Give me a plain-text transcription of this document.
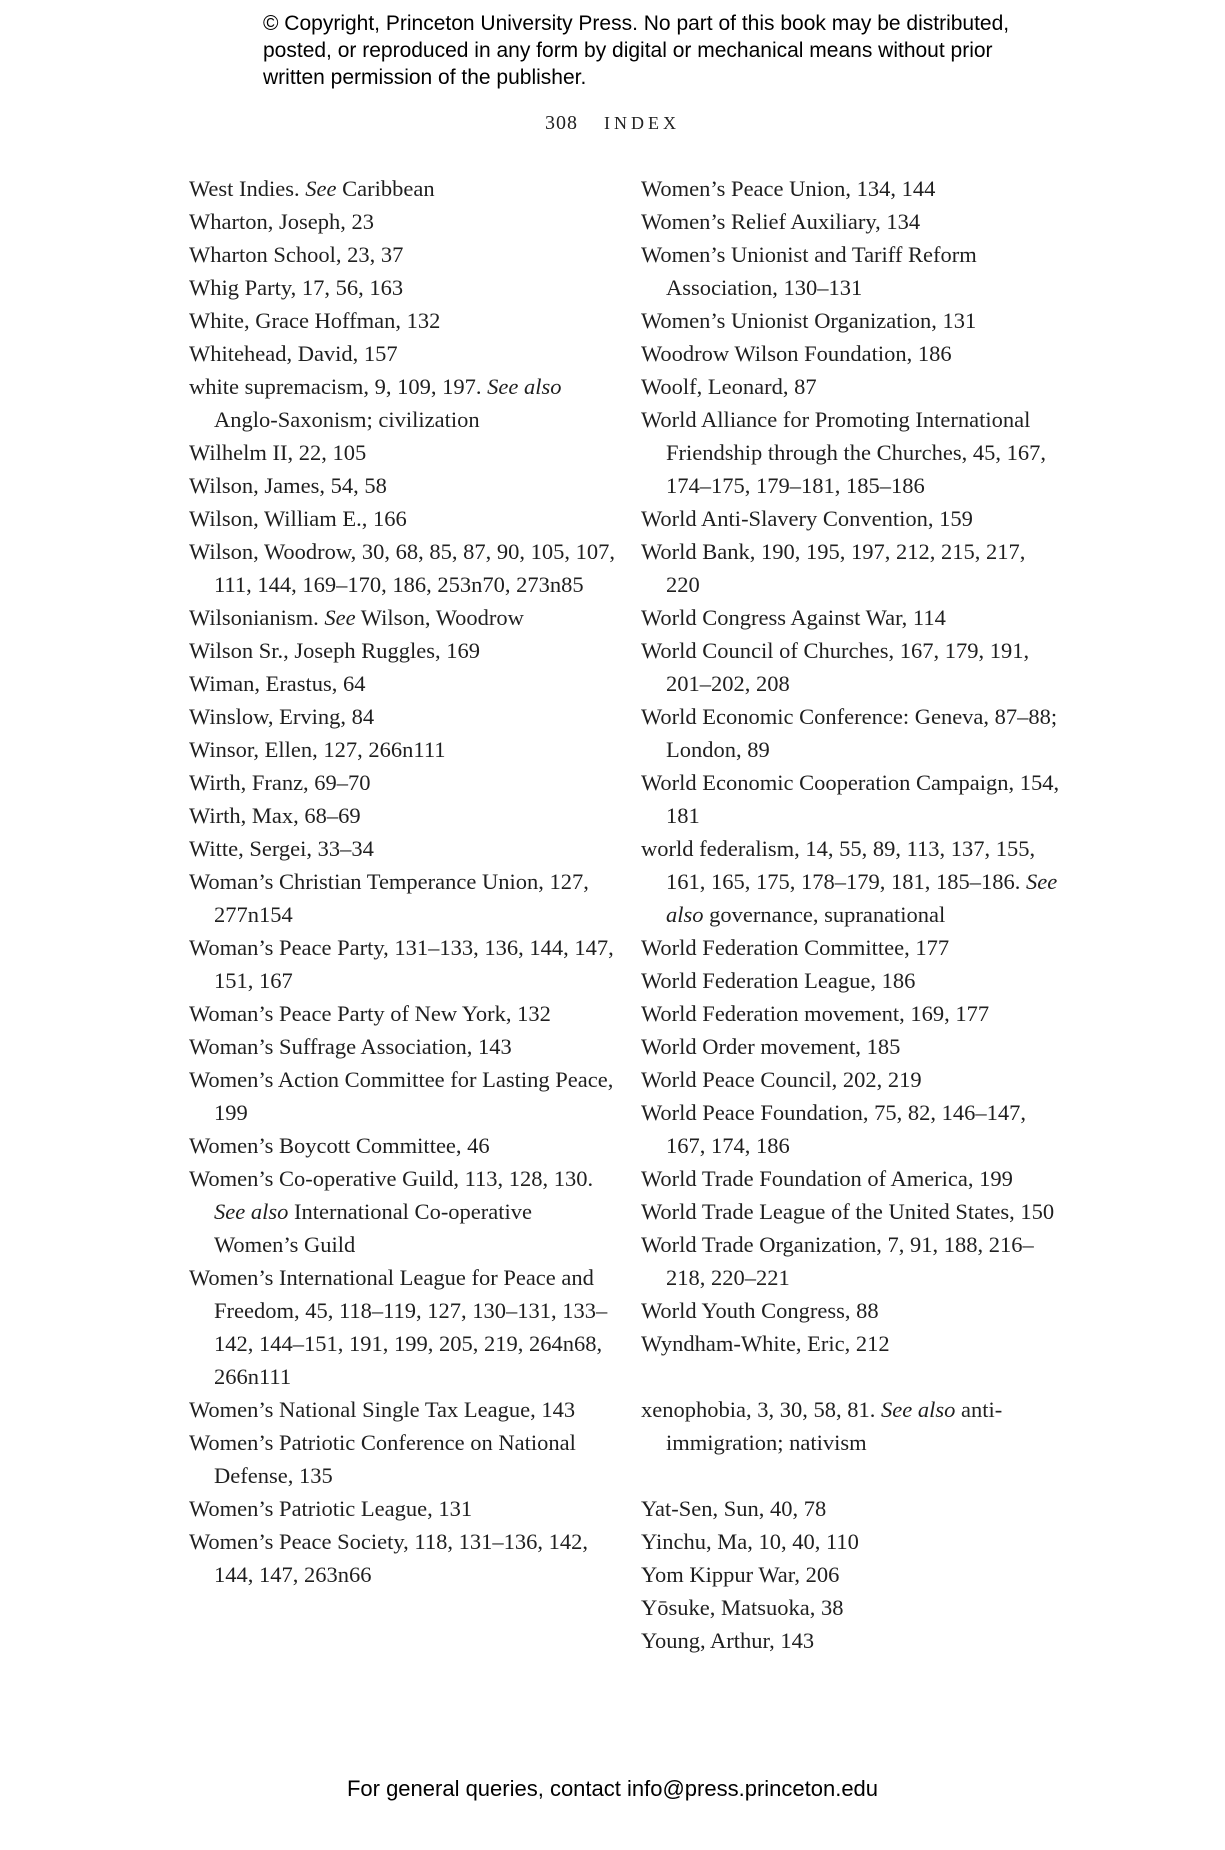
© Copyright, Princeton University Press. No part of this book may be distributed, posted, or reproduced in any form by digital or mechanical means without prior written permission of the publisher.
308 INDEX
West Indies. See Caribbean
Wharton, Joseph, 23
Wharton School, 23, 37
Whig Party, 17, 56, 163
White, Grace Hoffman, 132
Whitehead, David, 157
white supremacism, 9, 109, 197. See also Anglo-Saxonism; civilization
Wilhelm II, 22, 105
Wilson, James, 54, 58
Wilson, William E., 166
Wilson, Woodrow, 30, 68, 85, 87, 90, 105, 107, 111, 144, 169–170, 186, 253n70, 273n85
Wilsonianism. See Wilson, Woodrow
Wilson Sr., Joseph Ruggles, 169
Wiman, Erastus, 64
Winslow, Erving, 84
Winsor, Ellen, 127, 266n111
Wirth, Franz, 69–70
Wirth, Max, 68–69
Witte, Sergei, 33–34
Woman’s Christian Temperance Union, 127, 277n154
Woman’s Peace Party, 131–133, 136, 144, 147, 151, 167
Woman’s Peace Party of New York, 132
Woman’s Suffrage Association, 143
Women’s Action Committee for Lasting Peace, 199
Women’s Boycott Committee, 46
Women’s Co-operative Guild, 113, 128, 130. See also International Co-operative Women’s Guild
Women’s International League for Peace and Freedom, 45, 118–119, 127, 130–131, 133–142, 144–151, 191, 199, 205, 219, 264n68, 266n111
Women’s National Single Tax League, 143
Women’s Patriotic Conference on National Defense, 135
Women’s Patriotic League, 131
Women’s Peace Society, 118, 131–136, 142, 144, 147, 263n66
Women’s Peace Union, 134, 144
Women’s Relief Auxiliary, 134
Women’s Unionist and Tariff Reform Association, 130–131
Women’s Unionist Organization, 131
Woodrow Wilson Foundation, 186
Woolf, Leonard, 87
World Alliance for Promoting International Friendship through the Churches, 45, 167, 174–175, 179–181, 185–186
World Anti-Slavery Convention, 159
World Bank, 190, 195, 197, 212, 215, 217, 220
World Congress Against War, 114
World Council of Churches, 167, 179, 191, 201–202, 208
World Economic Conference: Geneva, 87–88; London, 89
World Economic Cooperation Campaign, 154, 181
world federalism, 14, 55, 89, 113, 137, 155, 161, 165, 175, 178–179, 181, 185–186. See also governance, supranational
World Federation Committee, 177
World Federation League, 186
World Federation movement, 169, 177
World Order movement, 185
World Peace Council, 202, 219
World Peace Foundation, 75, 82, 146–147, 167, 174, 186
World Trade Foundation of America, 199
World Trade League of the United States, 150
World Trade Organization, 7, 91, 188, 216–218, 220–221
World Youth Congress, 88
Wyndham-White, Eric, 212
xenophobia, 3, 30, 58, 81. See also anti-immigration; nativism
Yat-Sen, Sun, 40, 78
Yinchu, Ma, 10, 40, 110
Yom Kippur War, 206
Yōsuke, Matsuoka, 38
Young, Arthur, 143
For general queries, contact info@press.princeton.edu
